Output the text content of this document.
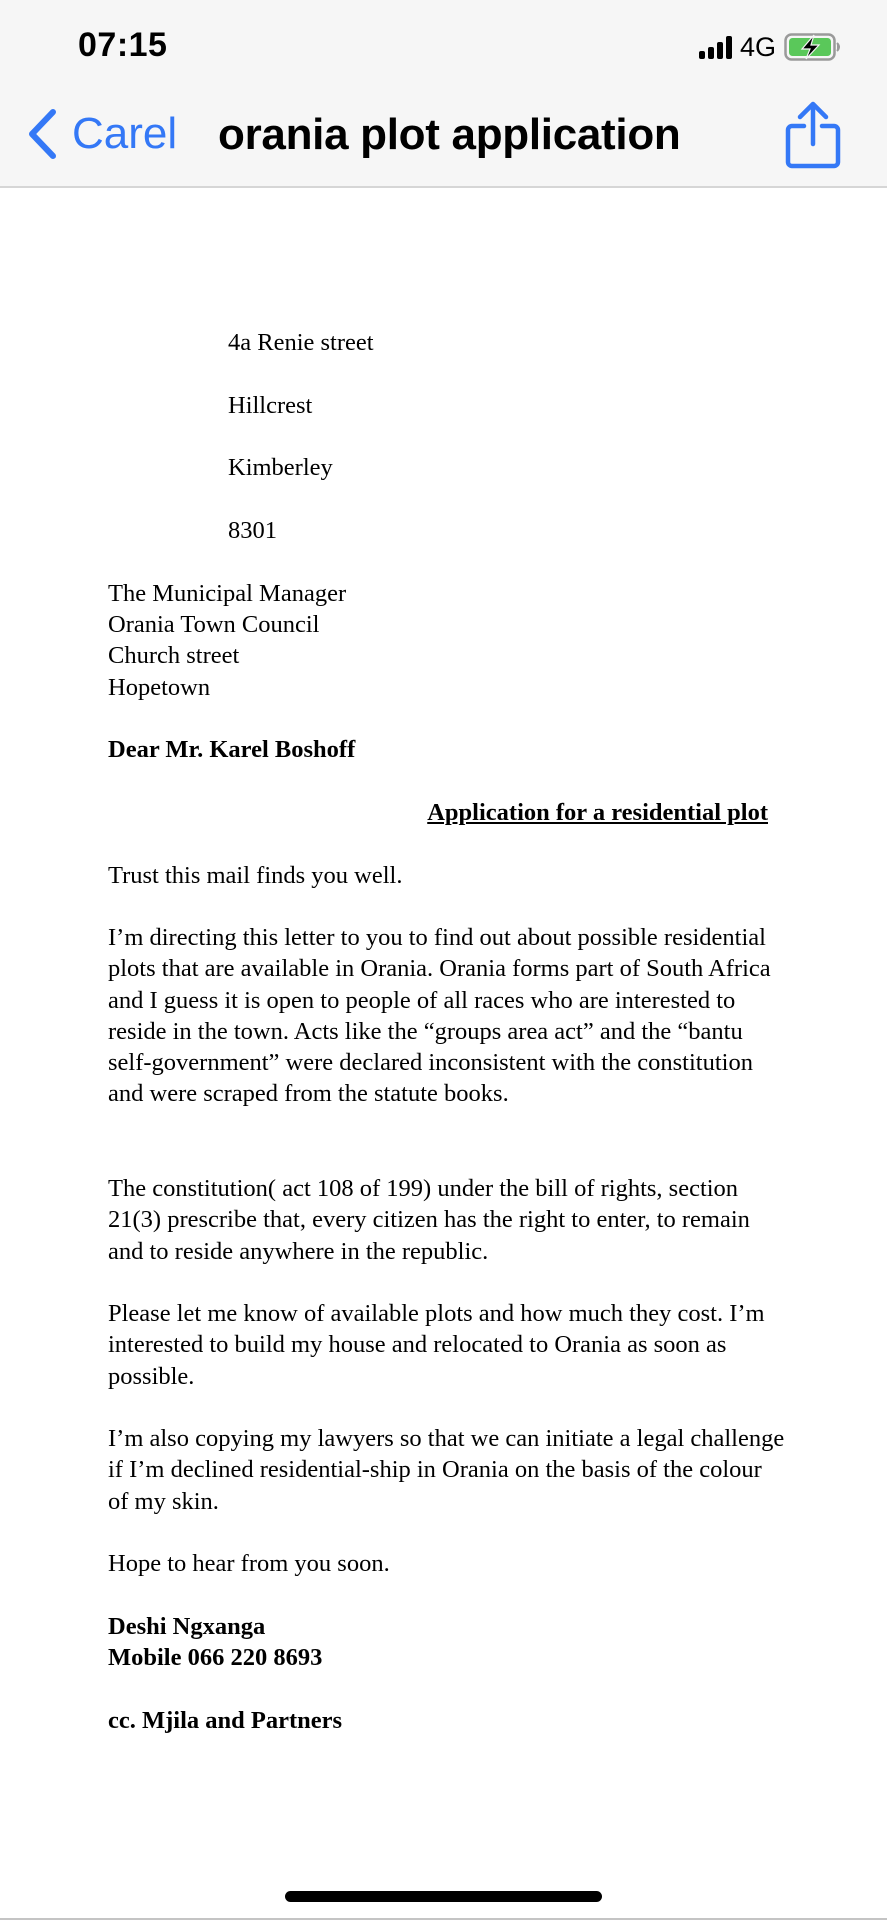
07:15	4G
Carel orania plot application
4a Renie street
Hillcrest
Kimberley
8301
The Municipal Manager
Orania Town Council
Church street
Hopetown
Dear Mr. Karel Boshoff
Application for a residential plot
Trust this mail finds you well.
I’m directing this letter to you to find out about possible residential plots that are available in Orania. Orania forms part of South Africa and I guess it is open to people of all races who are interested to reside in the town. Acts like the “groups area act” and the “bantu self-government” were declared inconsistent with the constitution and were scraped from the statute books.
The constitution( act 108 of 199) under the bill of rights, section 21(3) prescribe that, every citizen has the right to enter, to remain and to reside anywhere in the republic.
Please let me know of available plots and how much they cost. I’m interested to build my house and relocated to Orania as soon as possible.
I’m also copying my lawyers so that we can initiate a legal challenge if I’m declined residential-ship in Orania on the basis of the colour of my skin.
Hope to hear from you soon.
Deshi Ngxanga
Mobile 066 220 8693
cc. Mjila and Partners
